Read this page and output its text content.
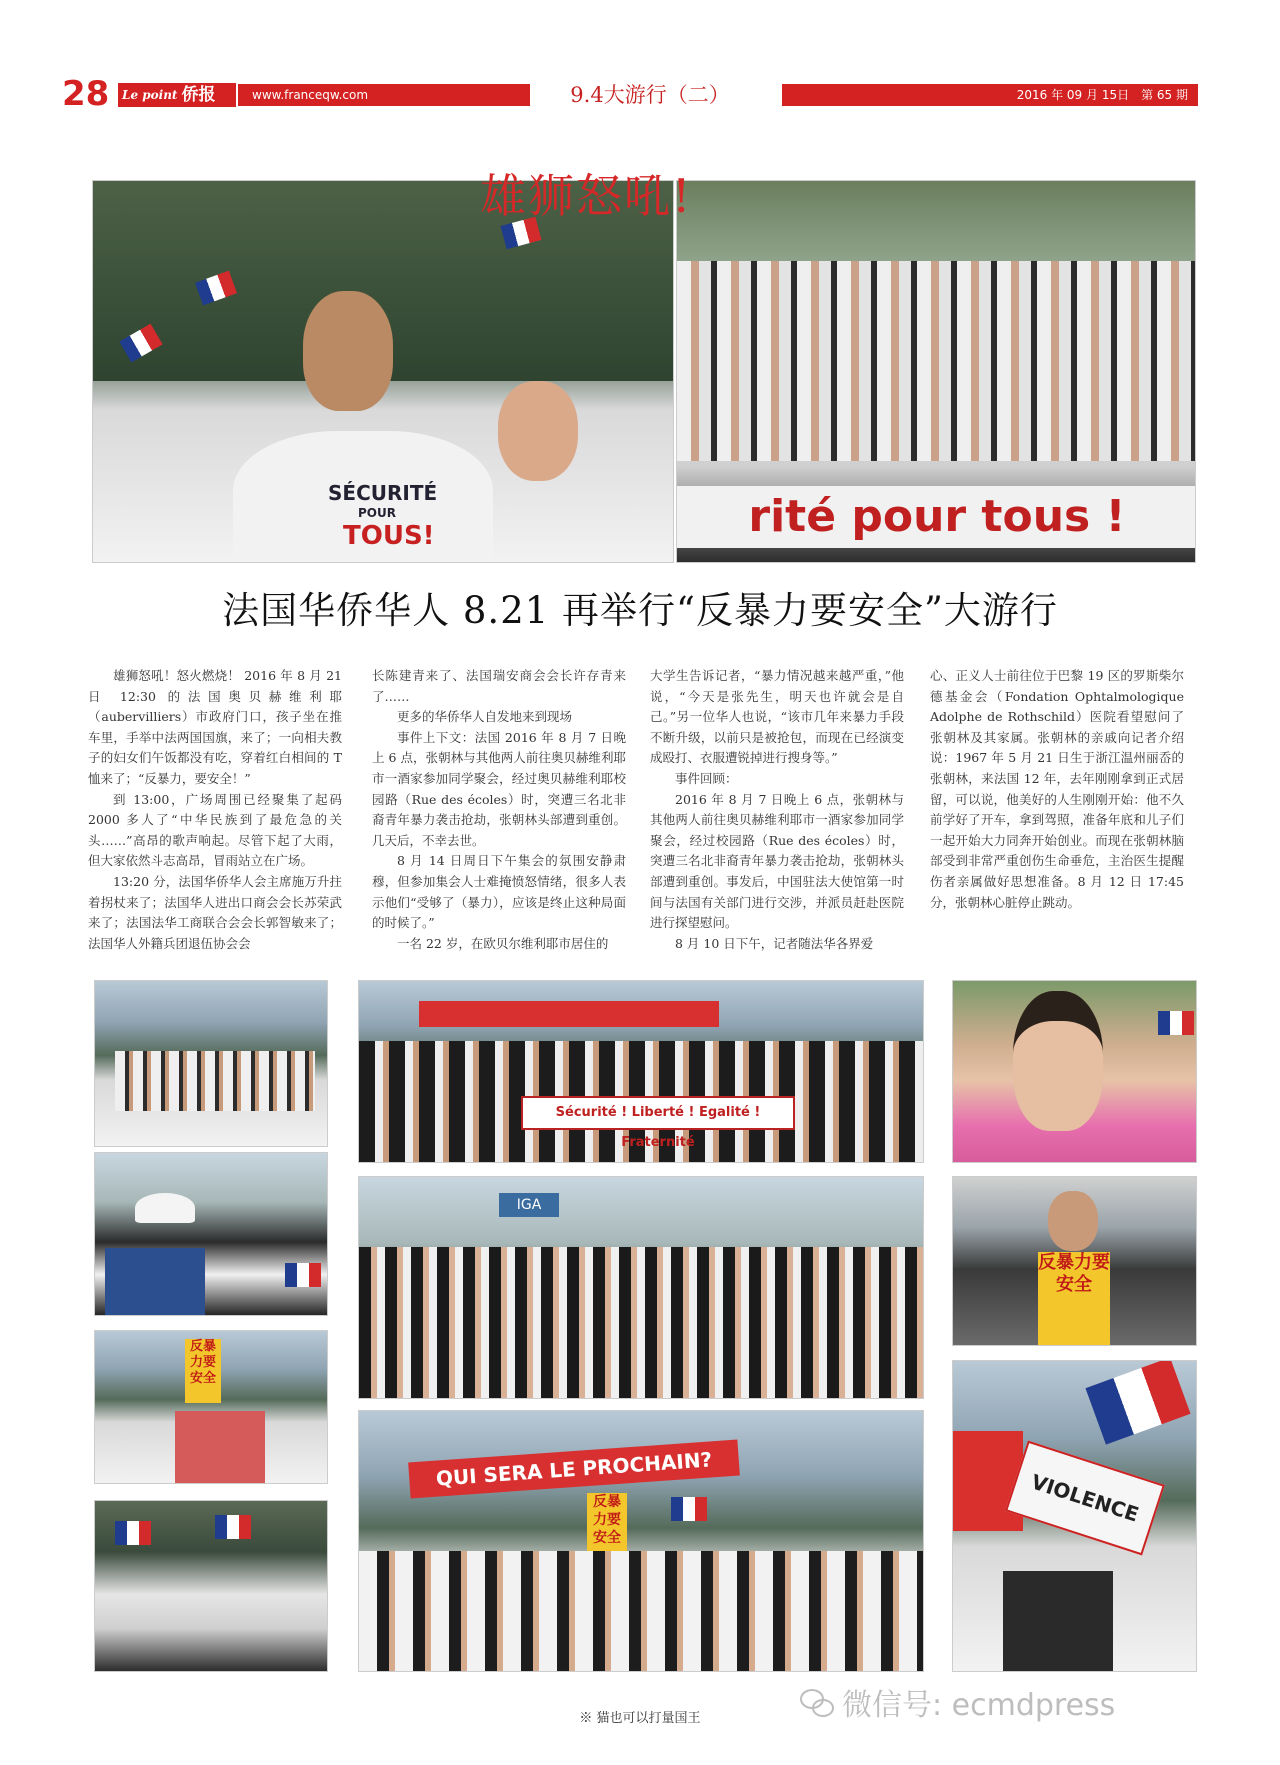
28 Le point 侨报	www.franceqw.com	9.4大游行（二）	2016 年 09 月 15日　第 65 期
SÉCURITÉ
POUR
TOUS!	rité pour tous !
雄狮怒吼!
法国华侨华人 8.21 再举行“反暴力要安全”大游行

雄狮怒吼！怒火燃烧！ 2016 年 8 月 21 日 12:30 的法国奥贝赫维利耶（aubervilliers）市政府门口，孩子坐在推车里，手举中法两国国旗，来了；一向相夫教子的妇女们午饭都没有吃，穿着红白相间的 T 恤来了；“反暴力，要安全！”

到 13:00，广场周围已经聚集了起码 2000 多人了“中华民族到了最危急的关头……”高昂的歌声响起。尽管下起了大雨，但大家依然斗志高昂，冒雨站立在广场。

13:20 分，法国华侨华人会主席施万升拄着拐杖来了；法国华人进出口商会会长苏荣武来了；法国法华工商联合会会长郭智敏来了；法国华人外籍兵团退伍协会会

长陈建青来了、法国瑞安商会会长许存青来了……

更多的华侨华人自发地来到现场

事件上下文：法国 2016 年 8 月 7 日晚上 6 点，张朝林与其他两人前往奥贝赫维利耶市一酒家参加同学聚会，经过奥贝赫维利耶校园路（Rue des écoles）时，突遭三名北非裔青年暴力袭击抢劫，张朝林头部遭到重创。几天后，不幸去世。

8 月 14 日周日下午集会的氛围安静肃穆，但参加集会人士难掩愤怒情绪，很多人表示他们“受够了（暴力），应该是终止这种局面的时候了。”

一名 22 岁，在欧贝尔维利耶市居住的

大学生告诉记者，“暴力情况越来越严重，”他说，“今天是张先生，明天也许就会是自己。”另一位华人也说，“该市几年来暴力手段不断升级，以前只是被抢包，而现在已经演变成殴打、衣服遭锐掉进行搜身等。”

事件回顾：

2016 年 8 月 7 日晚上 6 点，张朝林与其他两人前往奥贝赫维利耶市一酒家参加同学聚会，经过校园路（Rue des écoles）时，突遭三名北非裔青年暴力袭击抢劫，张朝林头部遭到重创。事发后，中国驻法大使馆第一时间与法国有关部门进行交涉，并派员赶赴医院进行探望慰问。

8 月 10 日下午，记者随法华各界爱

心、正义人士前往位于巴黎 19 区的罗斯柴尔德基金会（Fondation Ophtalmologique Adolphe de Rothschild）医院看望慰问了张朝林及其家属。张朝林的亲戚向记者介绍说：1967 年 5 月 21 日生于浙江温州丽岙的张朝林，来法国 12 年，去年刚刚拿到正式居留，可以说，他美好的人生刚刚开始：他不久前学好了开车，拿到驾照，准备年底和儿子们一起开始大力同奔开始创业。而现在张朝林脑部受到非常严重创伤生命垂危，主治医生提醒伤者亲属做好思想准备。8 月 12 日 17:45 分，张朝林心脏停止跳动。

反暴力要安全
Sécurité ! Liberté ! Egalité ! Fraternité
IGA
QUI SERA LE PROCHAIN?
反暴力要安全
反暴力要安全
VIOLENCE
※ 猫也可以打量国王	微信号: ecmdpress
